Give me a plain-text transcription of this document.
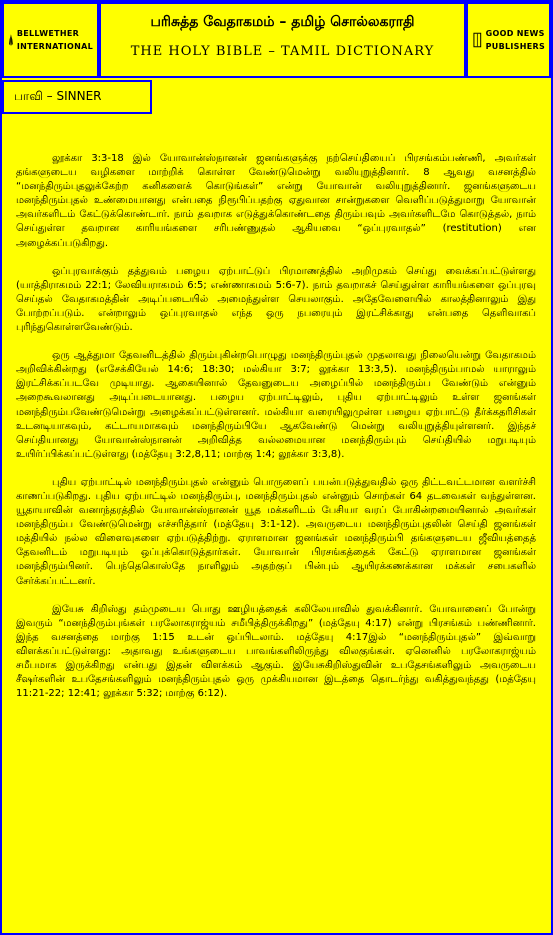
BELLWETHER
INTERNATIONAL
பரிசுத்த வேதாகமம் – தமிழ் சொல்லகராதி
THE HOLY BIBLE – TAMIL DICTIONARY
GOOD NEWS
PUBLISHERS
பாவி – SINNER

லூக்கா 3:3-18 இல் யோவான்ஸ்நானன் ஜனங்களுக்கு நற்செய்தியைப் பிரசங்கம்பண்ணி, அவர்கள் தங்களுடைய வழிகளை மாற்றிக் கொள்ள வேண்டுமென்று வலியுறுத்தினார். 8 ஆவது வசனத்தில் “மனந்திரும்புதலுக்கேற்ற கனிகளைக் கொடுங்கள்” என்று யோவான் வலியுறுத்தினார். ஜனங்களுடைய மனந்திரும்புதல் உண்மையானது என்பதை நிரூபிப்பதற்கு ஏதுவான சான்றுகளை வெளிப்படுத்துமாறு யோவான் அவர்களிடம் கேட்டுக்கொண்டார். நாம் தவறாக எடுத்துக்கொண்டதை திரும்பவும் அவர்களிடமே கொடுத்தல், நாம் செய்துள்ள தவறான காரியங்களை சரிபண்ணுதல் ஆகியவை “ஒப்புரவாதல்” (restitution) என அழைக்கப்படுகிறது.

ஒப்புரவாக்கும் தத்துவம் பழைய ஏற்பாட்டுப் பிரமாணத்தில் அறிமுகம் செய்து வைக்கப்பட்டுள்ளது (யாத்திராகமம் 22:1; லேவியராகமம் 6:5; எண்ணாகமம் 5:6-7). நாம் தவறாகச் செய்துள்ள காரியங்களை ஒப்புரவு செய்தல் வேதாகமத்தின் அடிப்படையில் அமைந்துள்ள செயலாகும். அதேவேளையில் காலத்தினாலும் இது போற்றப்படும். என்றாலும் ஒப்புரவாதல் எந்த ஒரு நபரையும் இரட்சிக்காது என்பதை தெளிவாகப் புரிந்துகொள்ளவேண்டும்.

ஒரு ஆத்துமா தேவனிடத்தில் திரும்புகின்றபொழுது மனந்திரும்புதல் முதலாவது நிலையென்று வேதாகமம் அறிவிக்கின்றது (எசேக்கியேல் 14:6; 18:30; மல்கியா 3:7; லூக்கா 13:3,5). மனந்திரும்பாமல் யாராலும் இரட்சிக்கப்படவே முடியாது. ஆகையினால் தேவனுடைய அழைப்பில் மனந்திரும்ப வேண்டும் என்னும் அறைகூவலானது அடிப்படையானது. பழைய ஏற்பாட்டிலும், புதிய ஏற்பாட்டிலும் உள்ள ஜனங்கள் மனந்திரும்பவேண்டுமென்று அழைக்கப்பட்டுள்ளனர். மல்கியா வரையிலுமுள்ள பழைய ஏற்பாட்டு தீர்க்கதரிசிகள் உடனடியாகவும், கட்டாயமாகவும் மனந்திரும்பியே ஆகவேண்டு மென்று வலியுறுத்தியுள்ளனர். இந்தச் செய்தியானது யோவான்ஸ்நானன் அறிவித்த வல்லமையான மனந்திரும்பும் செய்தியில் மறுபடியும் உயிர்ப்பிக்கப்பட்டுள்ளது (மத்தேயு 3:2,8,11; மாற்கு 1:4; லூக்கா 3:3,8).

புதிய ஏற்பாட்டில் மனந்திரும்புதல் என்னும் பொருளைப் பயன்படுத்துவதில் ஒரு திட்டவட்டமான வளர்ச்சி காணப்படுகிறது. புதிய ஏற்பாட்டில் மனந்திரும்பு, மனந்திரும்புதல் என்னும் சொற்கள் 64 தடவைகள் வந்துள்ளன. யூதாயாவின் வனாந்தரத்தில் யோவான்ஸ்நானன் யூத மக்களிடம் பேசியா வரப் போகின்றமையினால் அவர்கள் மனந்திரும்ப வேண்டுமென்று எச்சரித்தார் (மத்தேயு 3:1-12). அவருடைய மனந்திரும்புதலின் செய்தி ஜனங்கள் மத்தியில் நல்ல விளைவுகளை ஏற்படுத்திற்று. ஏராளமான ஜனங்கள் மனந்திரும்பி தங்களுடைய ஜீவியத்தைத் தேவனிடம் மறுபடியும் ஒப்புக்கொடுத்தார்கள். யோவான் பிரசங்கத்தைக் கேட்டு ஏராளமான ஜனங்கள் மனந்திரும்பினர். பெந்தெகொஸ்தே நாளிலும் அதற்குப் பின்பும் ஆயிரக்கணக்கான மக்கள் சபைகளில் சேர்க்கப்பட்டனர்.

இயேசு கிறிஸ்து தம்முடைய பொது ஊழியத்தைக் கலிலேயாவில் துவக்கினார். யோவானைப் போன்று இவரும் “மனந்திரும்புங்கள் பரலோகராஜ்யம் சமீபித்திருக்கிறது” (மத்தேயு 4:17) என்று பிரசங்கம் பண்ணினார். இந்த வசனத்தை மாற்கு 1:15 உடன் ஒப்பிடலாம். மத்தேயு 4:17இல் “மனந்திரும்புதல்” இவ்வாறு விளக்கப்பட்டுள்ளது: அதாவது உங்களுடைய பாவங்களிலிருந்து விலகுங்கள். ஏனெனில் பரலோகராஜ்யம் சமீபமாக இருக்கிறது என்பது இதன் விளக்கம் ஆகும். இயேசுகிறிஸ்துவின் உபதேசங்களிலும் அவருடைய சீஷர்களின் உபதேசங்களிலும் மனந்திரும்புதல் ஒரு முக்கியமான இடத்தை தொடர்ந்து வகித்துவந்தது (மத்தேயு 11:21-22; 12:41; லூக்கா 5:32; மாற்கு 6:12).
